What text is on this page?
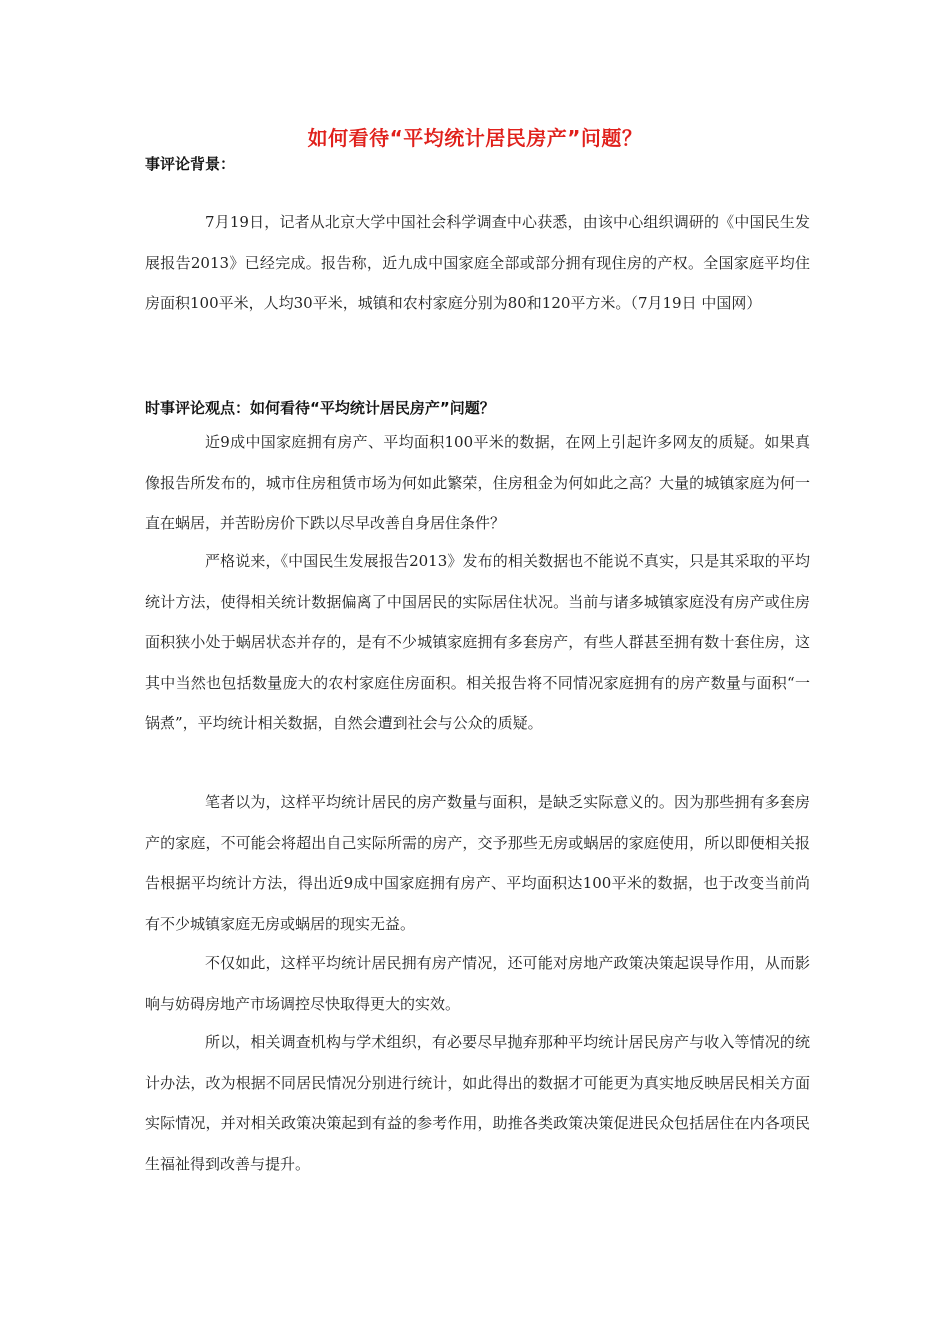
如何看待“平均统计居民房产”问题？
事评论背景：

7月19日，记者从北京大学中国社会科学调查中心获悉，由该中心组织调研的《中国民生发展报告2013》已经完成。报告称，近九成中国家庭全部或部分拥有现住房的产权。全国家庭平均住房面积100平米，人均30平米，城镇和农村家庭分别为80和120平方米。（7月19日 中国网）

时事评论观点：如何看待“平均统计居民房产”问题？

近9成中国家庭拥有房产、平均面积100平米的数据，在网上引起许多网友的质疑。如果真像报告所发布的，城市住房租赁市场为何如此繁荣，住房租金为何如此之高？大量的城镇家庭为何一直在蜗居，并苦盼房价下跌以尽早改善自身居住条件？

严格说来，《中国民生发展报告2013》发布的相关数据也不能说不真实，只是其采取的平均统计方法，使得相关统计数据偏离了中国居民的实际居住状况。当前与诸多城镇家庭没有房产或住房面积狭小处于蜗居状态并存的，是有不少城镇家庭拥有多套房产，有些人群甚至拥有数十套住房，这其中当然也包括数量庞大的农村家庭住房面积。相关报告将不同情况家庭拥有的房产数量与面积“一锅煮”，平均统计相关数据，自然会遭到社会与公众的质疑。

笔者以为，这样平均统计居民的房产数量与面积，是缺乏实际意义的。因为那些拥有多套房产的家庭，不可能会将超出自己实际所需的房产，交予那些无房或蜗居的家庭使用，所以即便相关报告根据平均统计方法，得出近9成中国家庭拥有房产、平均面积达100平米的数据，也于改变当前尚有不少城镇家庭无房或蜗居的现实无益。

不仅如此，这样平均统计居民拥有房产情况，还可能对房地产政策决策起误导作用，从而影响与妨碍房地产市场调控尽快取得更大的实效。

所以，相关调查机构与学术组织，有必要尽早抛弃那种平均统计居民房产与收入等情况的统计办法，改为根据不同居民情况分别进行统计，如此得出的数据才可能更为真实地反映居民相关方面实际情况，并对相关政策决策起到有益的参考作用，助推各类政策决策促进民众包括居住在内各项民生福祉得到改善与提升。
